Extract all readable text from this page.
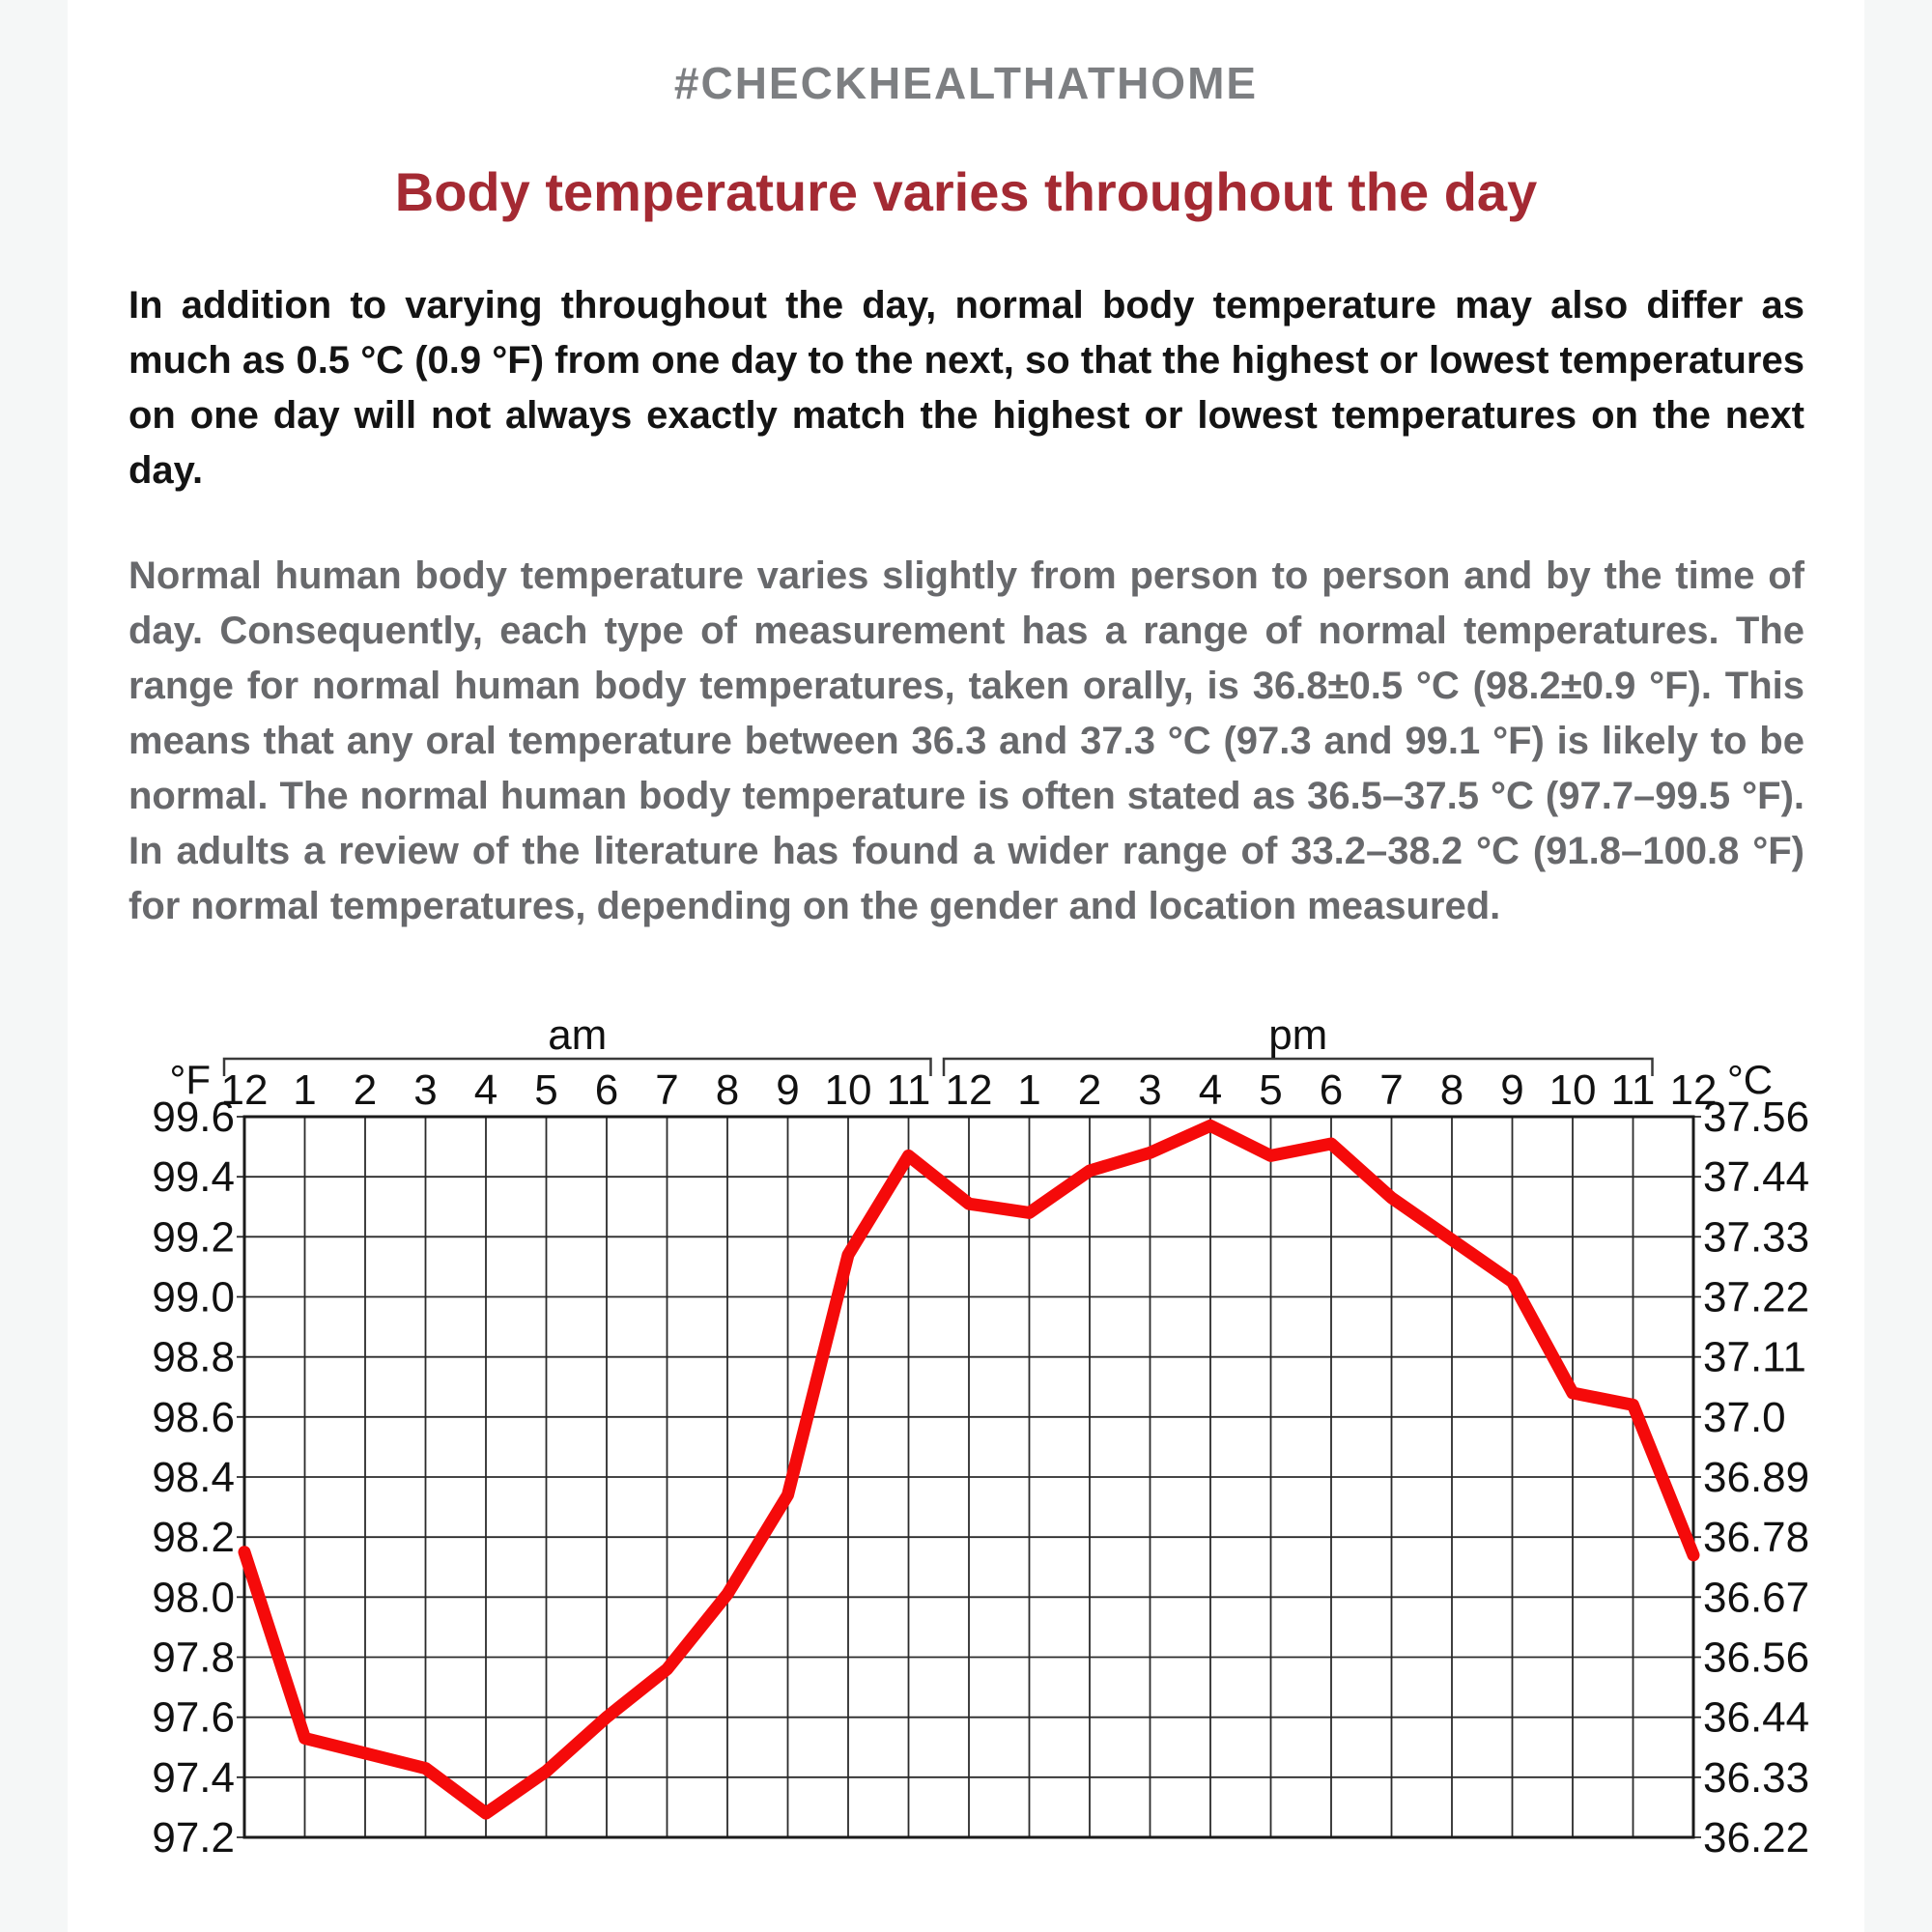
#CHECKHEALTHATHOME
Body temperature varies throughout the day

In addition to varying throughout the day, normal body temperature may also differ as much as 0.5 °C (0.9 °F) from one day to the next, so that the highest or lowest temperatures on one day will not always exactly match the highest or lowest temperatures on the next day.

Normal human body temperature varies slightly from person to person and by the time of day. Consequently, each type of measurement has a range of normal temperatures. The range for normal human body temperatures, taken orally, is 36.8±0.5 °C (98.2±0.9 °F). This means that any oral temperature between 36.3 and 37.3 °C (97.3 and 99.1 °F) is likely to be normal. The normal human body temperature is often stated as 36.5–37.5 °C (97.7–99.5 °F). In adults a review of the literature has found a wider range of 33.2–38.2 °C (91.8–100.8 °F) for normal temperatures, depending on the gender and location measured.

am	pm
12 1 2 3 4 5 6 7 8 9 10 11 12 1 2 3 4 5 6 7 8 9 10 11 12
°F	°C
99.6	37.56
99.4	37.44
99.2	37.33
99.0	37.22
98.8	37.11
98.6	37.0
98.4	36.89
98.2	36.78
98.0	36.67
97.8	36.56
97.6	36.44
97.4	36.33
97.2	36.22
